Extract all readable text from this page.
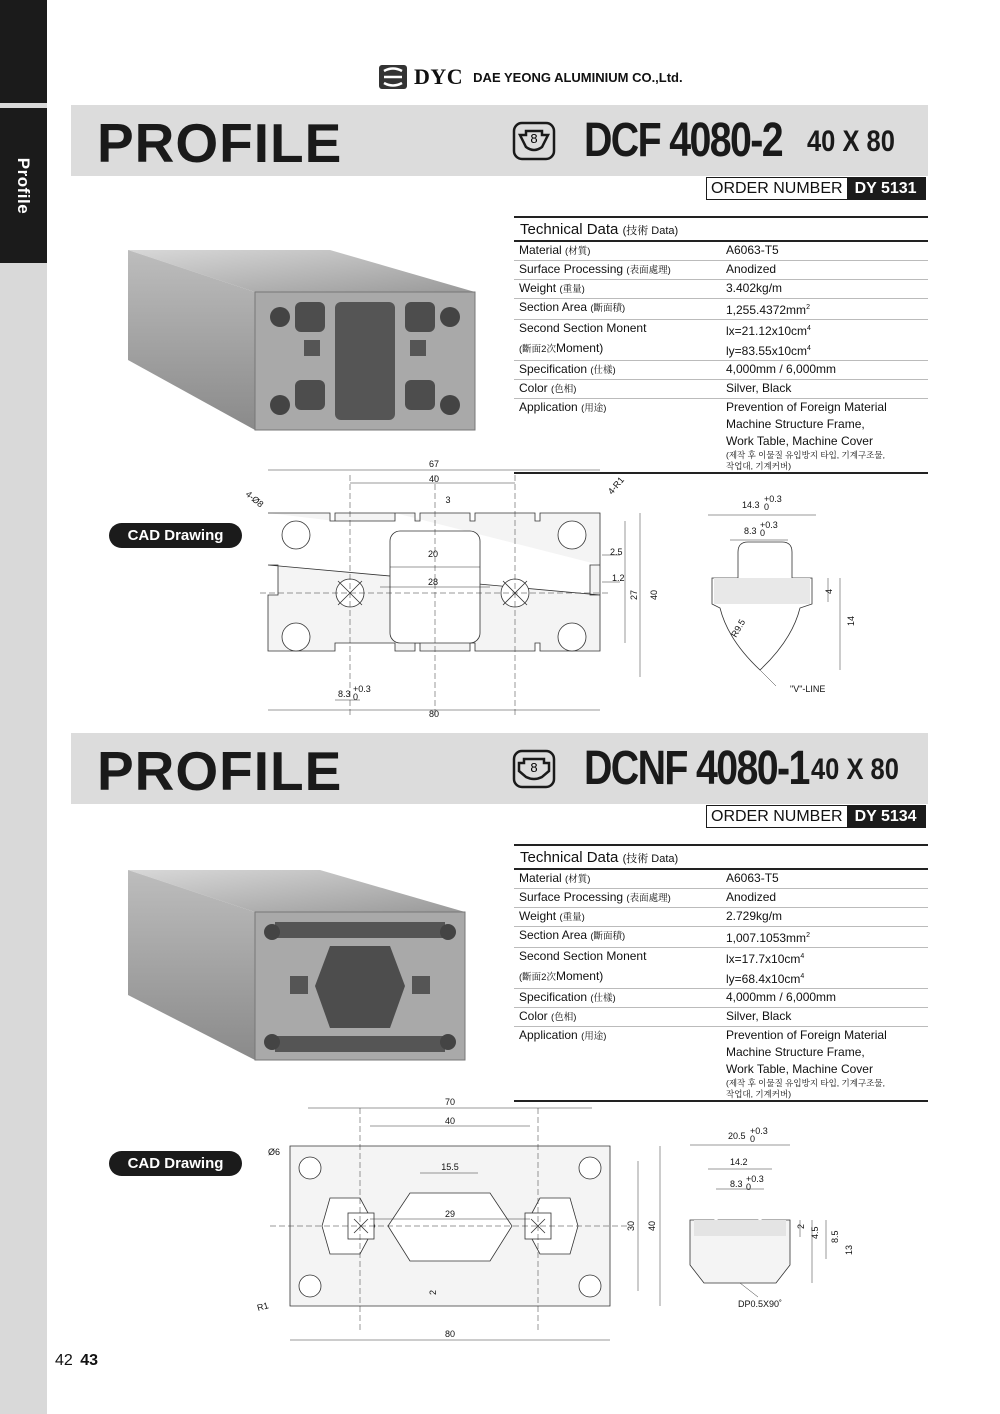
Profile
DYC DAE YEONG ALUMINIUM CO.,Ltd.
PROFILE	8 DCF 4080-2 40 X 80
ORDER NUMBER DY 5131
Technical Data (技術 Data)
Material (材質)	A6063-T5
Surface Processing (表面處理)	Anodized
Weight (重量)	3.402kg/m
Section Area (斷面積)	$1,255.4372mm^2$
Second Section Monent	$lx=21.12x10cm^4$
(斷面2次Moment)	$ly=83.55x10cm^4$
Specification (仕樣)	4,000mm / 6,000mm
Color (色相)	Silver, Black
Application (用途)	Prevention of Foreign Material
Machine Structure Frame,
Work Table, Machine Cover
(제작 후 이물질 유입방지 타입, 기계구조물,
작업대, 기계커버)
CAD Drawing
67
40
3
4-R1
4-Ø8
20
28
2.5
1.2
27 40
8.3 +0.3
0
80
14.3
+0.3
0
8.3
+0.3
0
4
14
R9.5
"V"-LINE
PROFILE	8 DCNF 4080-1 40 X 80
ORDER NUMBER DY 5134
Technical Data (技術 Data)
Material (材質)	A6063-T5
Surface Processing (表面處理)	Anodized
Weight (重量)	2.729kg/m
Section Area (斷面積)	$1,007.1053mm^2$
Second Section Monent	$lx=17.7x10cm^4$
(斷面2次Moment)	$ly=68.4x10cm^4$
Specification (仕樣)	4,000mm / 6,000mm
Color (色相)	Silver, Black
Application (用途)	Prevention of Foreign Material
Machine Structure Frame,
Work Table, Machine Cover
(제작 후 이물질 유입방지 타입, 기계구조물,
작업대, 기계커버)
CAD Drawing
70
40
Ø6
15.5
29
30 40
2
R1
80
20.5 +0.3
0
14.2
8.3 +0.3
0
2 4.5 8.5
13
DP0.5X90˚
42 43
